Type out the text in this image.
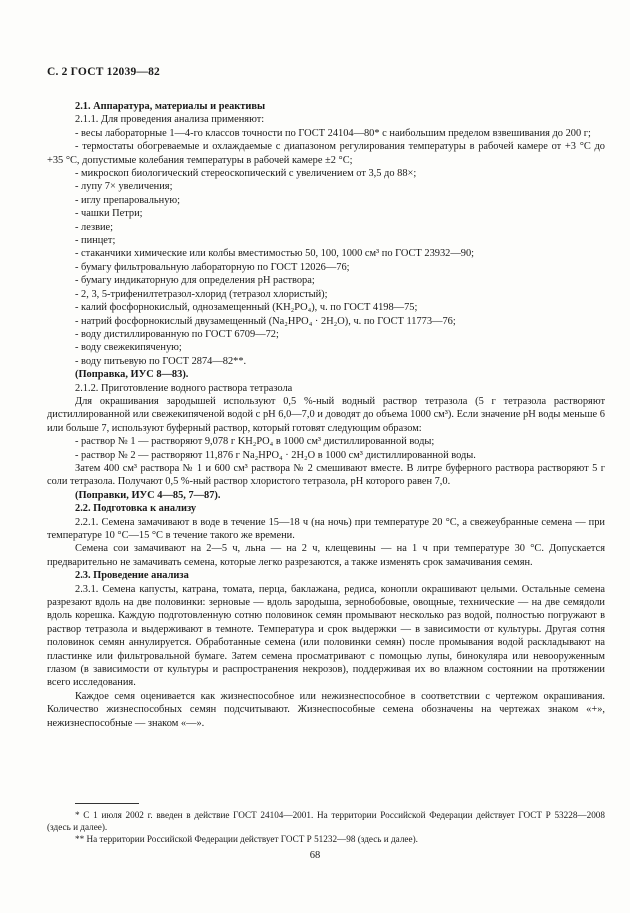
С. 2 ГОСТ 12039—82

2.1. Аппаратура, материалы и реактивы

2.1.1. Для проведения анализа применяют:

- весы лабораторные 1—4-го классов точности по ГОСТ 24104—80* с наибольшим пределом взвешивания до 200 г;

- термостаты обогреваемые и охлаждаемые с диапазоном регулирования температуры в рабочей камере от +3 °С до +35 °С, допустимые колебания температуры в рабочей камере ±2 °С;

- микроскоп биологический стереоскопический с увеличением от 3,5 до 88×;

- лупу 7× увеличения;

- иглу препаровальную;

- чашки Петри;

- лезвие;

- пинцет;

- стаканчики химические или колбы вместимостью 50, 100, 1000 см³ по ГОСТ 23932—90;

- бумагу фильтровальную лабораторную по ГОСТ 12026—76;

- бумагу индикаторную для определения pH раствора;

- 2, 3, 5-трифенилтетразол-хлорид (тетразол хлористый);

- калий фосфорнокислый, однозамещенный (KH₂PO₄), ч. по ГОСТ 4198—75;

- натрий фосфорнокислый двузамещенный (Na₂HPO₄ · 2H₂O), ч. по ГОСТ 11773—76;

- воду дистиллированную по ГОСТ 6709—72;

- воду свежекипяченую;

- воду питьевую по ГОСТ 2874—82**.

(Поправка, ИУС 8—83).

2.1.2. Приготовление водного раствора тетразола

Для окрашивания зародышей используют 0,5 %-ный водный раствор тетразола (5 г тетразола растворяют дистиллированной или свежекипяченой водой с pH 6,0—7,0 и доводят до объема 1000 см³). Если значение pH воды меньше 6 или больше 7, используют буферный раствор, который готовят следующим образом:

- раствор № 1 — растворяют 9,078 г KH₂PO₄ в 1000 см³ дистиллированной воды;

- раствор № 2 — растворяют 11,876 г Na₂HPO₄ · 2H₂O в 1000 см³ дистиллированной воды.

Затем 400 см³ раствора № 1 и 600 см³ раствора № 2 смешивают вместе. В литре буферного раствора растворяют 5 г соли тетразола. Получают 0,5 %-ный раствор хлористого тетразола, pH которого равен 7,0.

(Поправки, ИУС 4—85, 7—87).

2.2. Подготовка к анализу

2.2.1. Семена замачивают в воде в течение 15—18 ч (на ночь) при температуре 20 °С, а свежеубранные семена — при температуре 10 °С—15 °С в течение такого же времени.

Семена сои замачивают на 2—5 ч, льна — на 2 ч, клещевины — на 1 ч при температуре 30 °С. Допускается предварительно не замачивать семена, которые легко разрезаются, а также изменять срок замачивания семян.

2.3. Проведение анализа

2.3.1. Семена капусты, катрана, томата, перца, баклажана, редиса, конопли окрашивают целыми. Остальные семена разрезают вдоль на две половинки: зерновые — вдоль зародыша, зернобобовые, овощные, технические — на две семядоли вдоль корешка. Каждую подготовленную сотню половинок семян промывают несколько раз водой, полностью погружают в раствор тетразола и выдерживают в темноте. Температура и срок выдержки — в зависимости от культуры. Другая сотня половинок семян аннулируется. Обработанные семена (или половинки семян) после промывания водой раскладывают на пластинке или фильтровальной бумаге. Затем семена просматривают с помощью лупы, бинокуляра или невооруженным глазом (в зависимости от культуры и распространения некрозов), поддерживая их во влажном состоянии на протяжении всего исследования.

Каждое семя оценивается как жизнеспособное или нежизнеспособное в соответствии с чертежом окрашивания. Количество жизнеспособных семян подсчитывают. Жизнеспособные семена обозначены на чертежах знаком «+», нежизнеспособные — знаком «—».

* С 1 июля 2002 г. введен в действие ГОСТ 24104—2001. На территории Российской Федерации действует ГОСТ Р 53228—2008 (здесь и далее).

** На территории Российской Федерации действует ГОСТ Р 51232—98 (здесь и далее).

68
